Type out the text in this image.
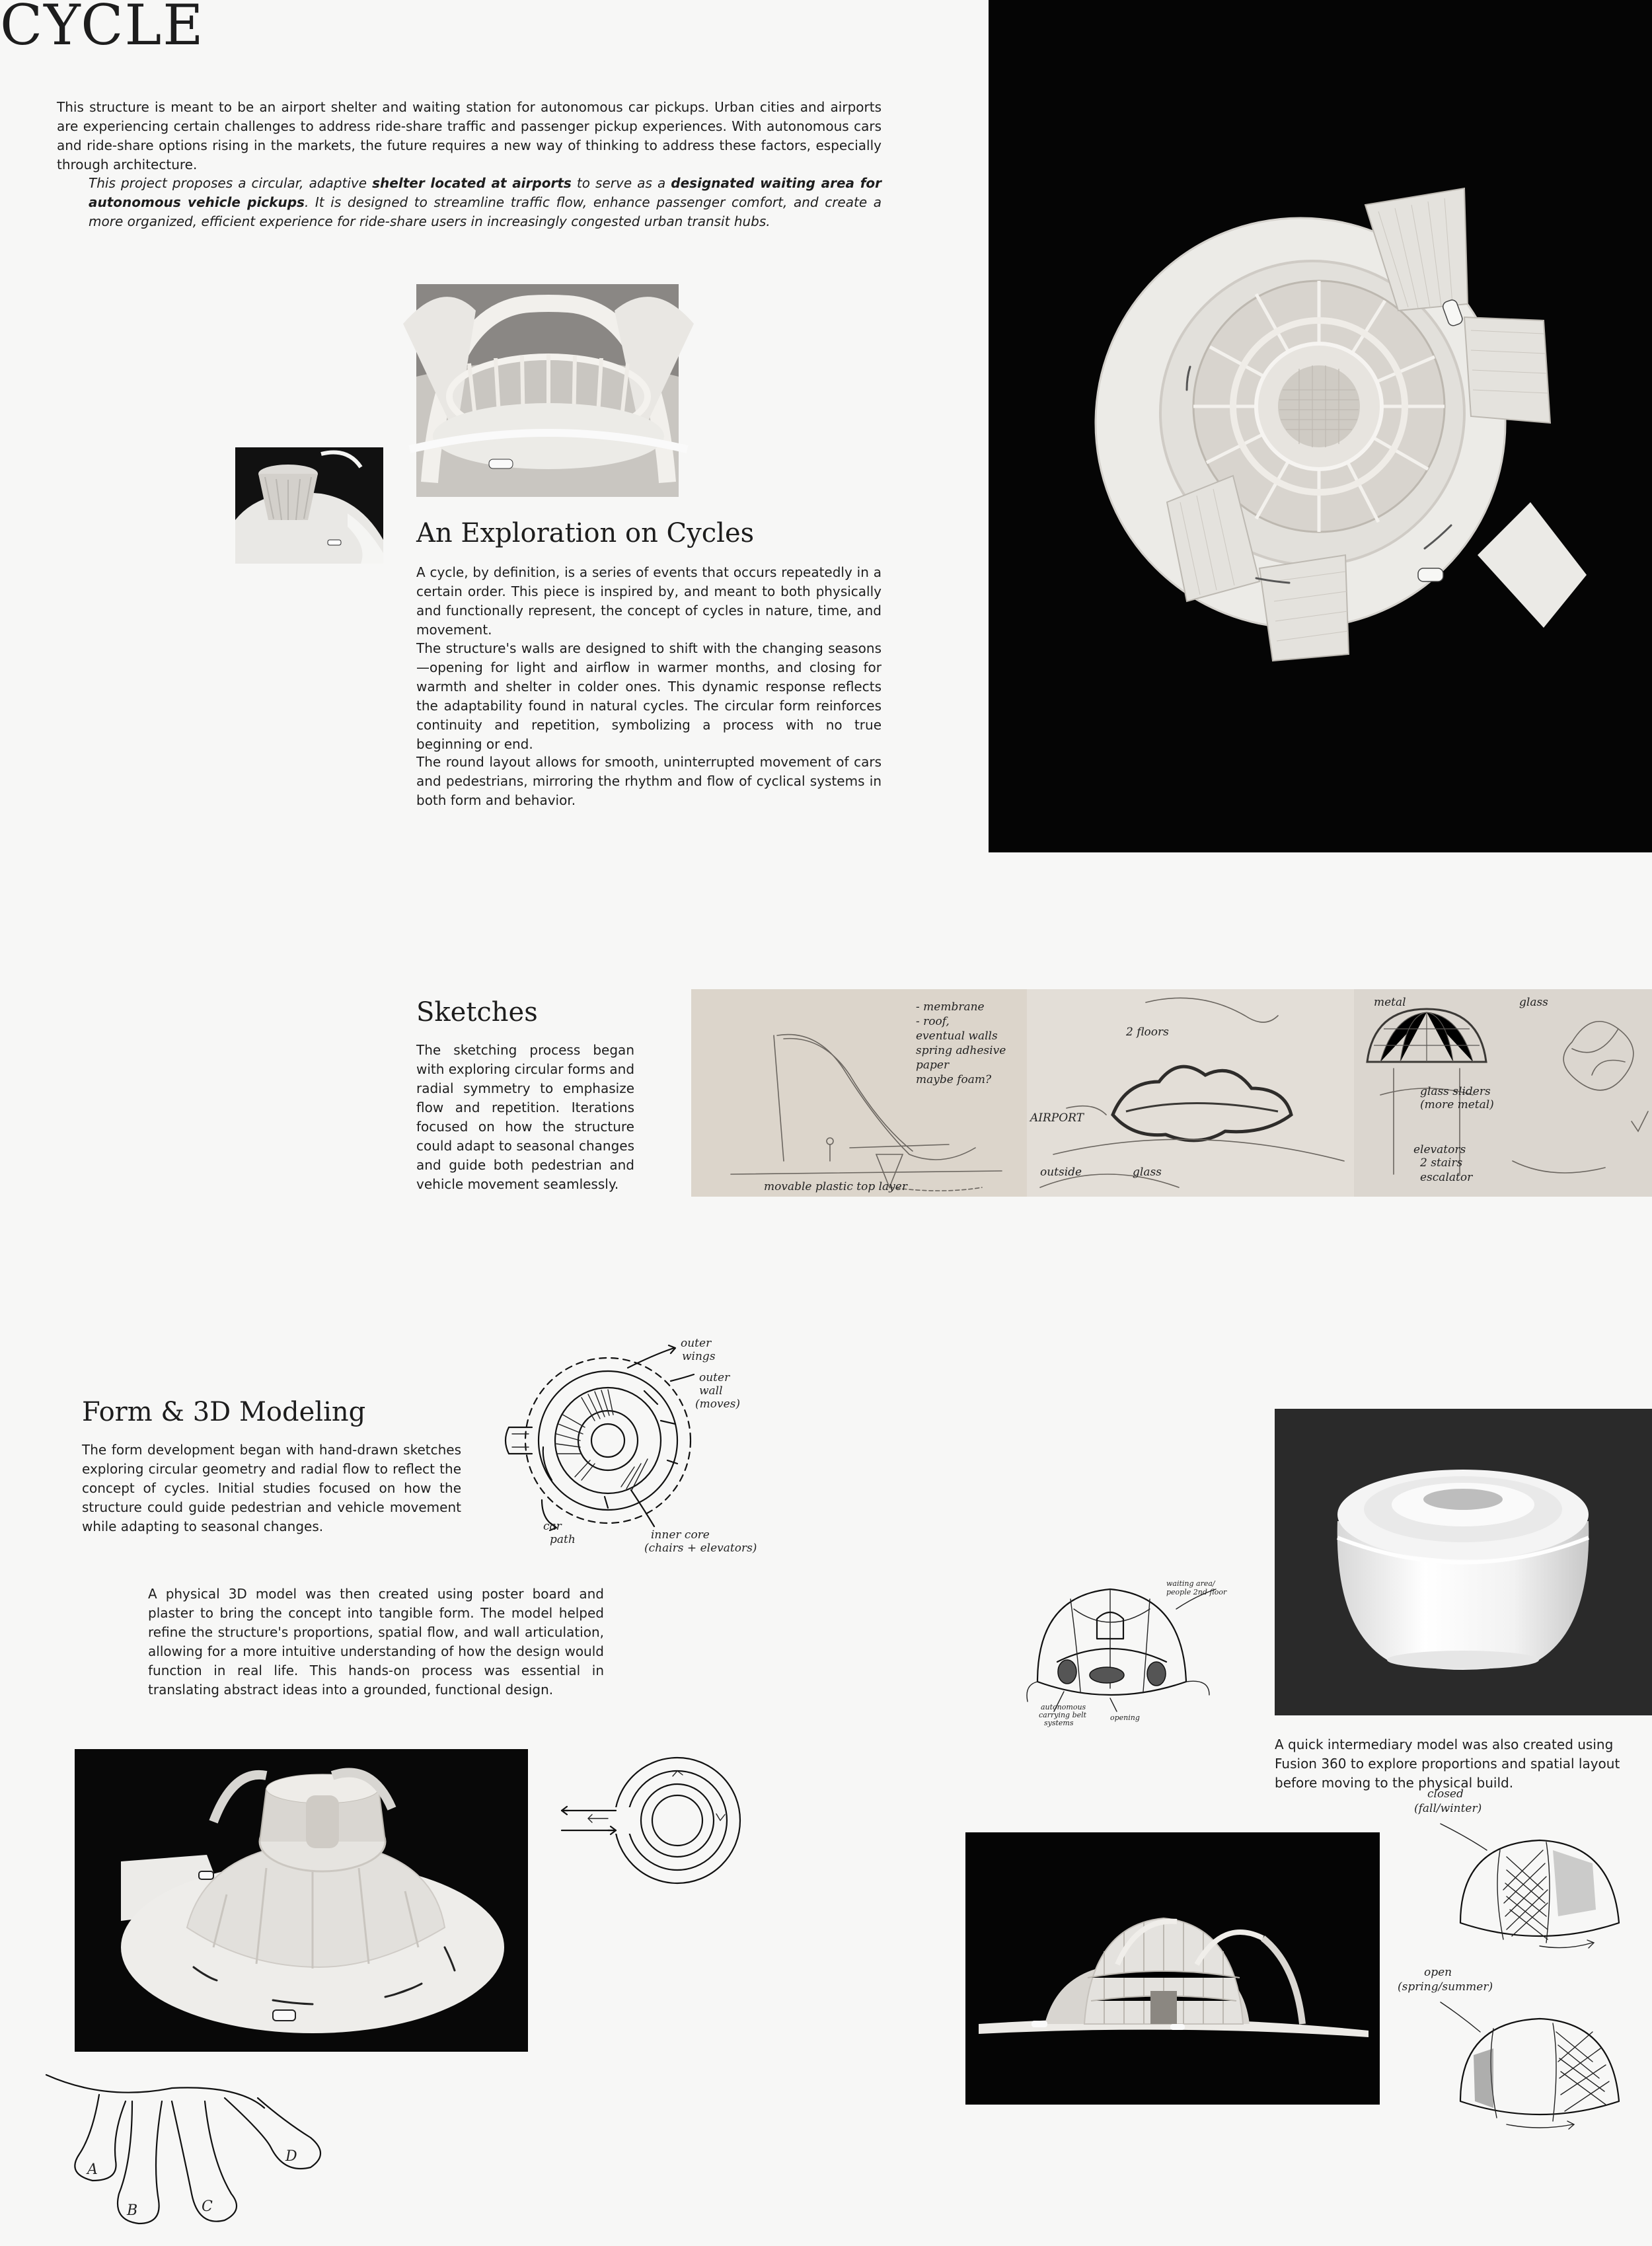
CYCLE

This structure is meant to be an airport shelter and waiting station for autonomous car pickups. Urban cities and airports are experiencing certain challenges to address ride-share traffic and passenger pickup experiences. With autonomous cars and ride-share options rising in the markets, the future requires a new way of thinking to address these factors, especially through architecture.

This project proposes a circular, adaptive shelter located at airports to serve as a designated waiting area for autonomous vehicle pickups. It is designed to streamline traffic flow, enhance passenger comfort, and create a more organized, efficient experience for ride-share users in increasingly congested urban transit hubs.

An Exploration on Cycles

A cycle, by definition, is a series of events that occurs repeatedly in a certain order. This piece is inspired by, and meant to both physically and functionally represent, the concept of cycles in nature, time, and movement.

The structure's walls are designed to shift with the changing seasons—opening for light and airflow in warmer months, and closing for warmth and shelter in colder ones. This dynamic response reflects the adaptability found in natural cycles. The circular form reinforces continuity and repetition, symbolizing a process with no true beginning or end.

The round layout allows for smooth, uninterrupted movement of cars and pedestrians, mirroring the rhythm and flow of cyclical systems in both form and behavior.

Sketches

The sketching process began with exploring circular forms and radial symmetry to emphasize flow and repetition. Iterations focused on how the structure could adapt to seasonal changes and guide both pedestrian and vehicle movement seamlessly.

- membrane
- roof,
eventual walls
spring adhesive
paper
maybe foam?
movable plastic top layer
2 floors
AIRPORT
outside	glass
metal	glass
glass sliders
(more metal)
elevators
2 stairs
escalator
Form & 3D Modeling

The form development began with hand-drawn sketches exploring circular geometry and radial flow to reflect the concept of cycles. Initial studies focused on how the structure could guide pedestrian and vehicle movement while adapting to seasonal changes.

A physical 3D model was then created using poster board and plaster to bring the concept into tangible form. The model helped refine the structure's proportions, spatial flow, and wall articulation, allowing for a more intuitive understanding of how the design would function in real life. This hands-on process was essential in translating abstract ideas into a grounded, functional design.

outer
wings
outer
wall
(moves)
car
path	inner core
(chairs + elevators)

A quick intermediary model was also created using Fusion 360 to explore proportions and spatial layout before moving to the physical build.

waiting area/
people 2nd floor
autonomous
carrying belt
systems
opening
closed
(fall/winter)
open
(spring/summer)
A
B	C
D
